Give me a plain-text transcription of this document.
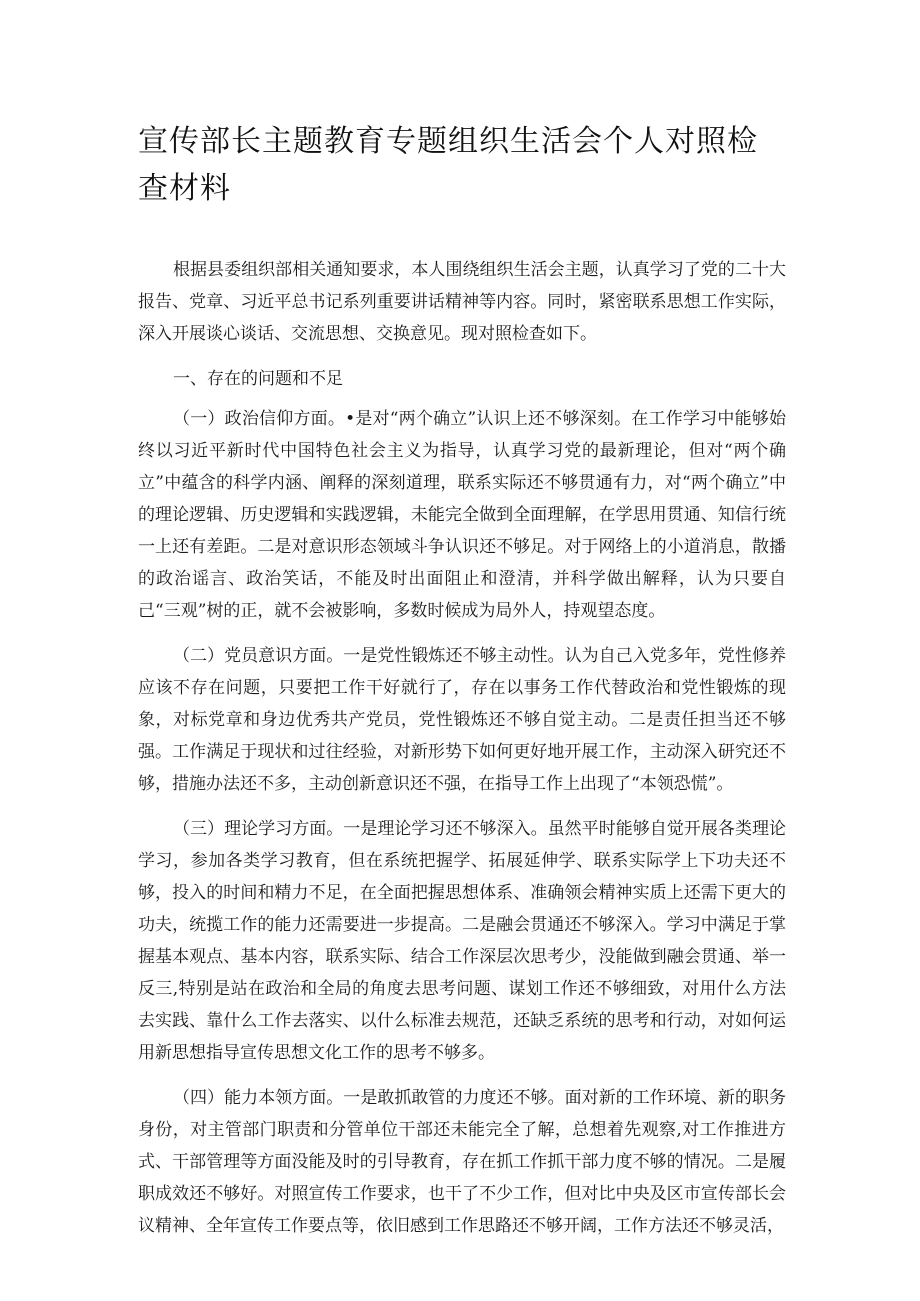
宣传部长主题教育专题组织生活会个人对照检查材料

根据县委组织部相关通知要求，本人围绕组织生活会主题，认真学习了党的二十大报告、党章、习近平总书记系列重要讲话精神等内容。同时，紧密联系思想工作实际，深入开展谈心谈话、交流思想、交换意见。现对照检查如下。

一、存在的问题和不足

（一）政治信仰方面。•是对“两个确立”认识上还不够深刻。在工作学习中能够始终以习近平新时代中国特色社会主义为指导，认真学习党的最新理论，但对“两个确立”中蕴含的科学内涵、阐释的深刻道理，联系实际还不够贯通有力，对“两个确立”中的理论逻辑、历史逻辑和实践逻辑，未能完全做到全面理解，在学思用贯通、知信行统一上还有差距。二是对意识形态领域斗争认识还不够足。对于网络上的小道消息，散播的政治谣言、政治笑话，不能及时出面阻止和澄清，并科学做出解释，认为只要自己“三观”树的正，就不会被影响，多数时候成为局外人，持观望态度。

（二）党员意识方面。一是党性锻炼还不够主动性。认为自己入党多年，党性修养应该不存在问题，只要把工作干好就行了，存在以事务工作代替政治和党性锻炼的现象，对标党章和身边优秀共产党员，党性锻炼还不够自觉主动。二是责任担当还不够强。工作满足于现状和过往经验，对新形势下如何更好地开展工作，主动深入研究还不够，措施办法还不多，主动创新意识还不强，在指导工作上出现了“本领恐慌”。

（三）理论学习方面。一是理论学习还不够深入。虽然平时能够自觉开展各类理论学习，参加各类学习教育，但在系统把握学、拓展延伸学、联系实际学上下功夫还不够，投入的时间和精力不足，在全面把握思想体系、准确领会精神实质上还需下更大的功夫，统揽工作的能力还需要进一步提高。二是融会贯通还不够深入。学习中满足于掌握基本观点、基本内容，联系实际、结合工作深层次思考少，没能做到融会贯通、举一反三,特别是站在政治和全局的角度去思考问题、谋划工作还不够细致，对用什么方法去实践、靠什么工作去落实、以什么标准去规范，还缺乏系统的思考和行动，对如何运用新思想指导宣传思想文化工作的思考不够多。

（四）能力本领方面。一是敢抓敢管的力度还不够。面对新的工作环境、新的职务身份，对主管部门职责和分管单位干部还未能完全了解，总想着先观察,对工作推进方式、干部管理等方面没能及时的引导教育，存在抓工作抓干部力度不够的情况。二是履职成效还不够好。对照宣传工作要求，也干了不少工作，但对比中央及区市宣传部长会议精神、全年宣传工作要点等，依旧感到工作思路还不够开阔，工作方法还不够灵活，
